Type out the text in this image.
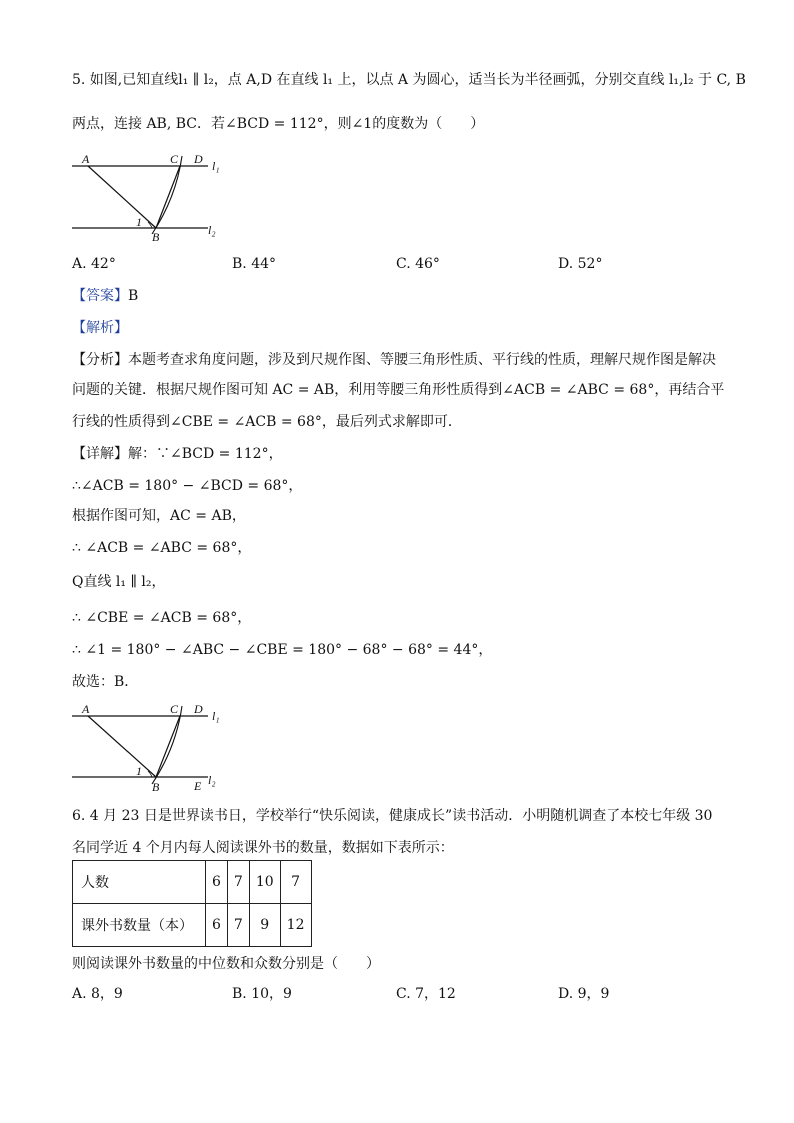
5. 如图,已知直线l₁ ∥ l₂，点 A,D 在直线 l₁ 上，以点 A 为圆心，适当长为半径画弧，分别交直线 l₁,l₂ 于 C, B
两点，连接 AB, BC．若∠BCD = 112°，则∠1的度数为（　　）
A	C D l₁
1
B	l₂
A. 42°	B. 44°	C. 46°	D. 52°
【答案】B
【解析】
【分析】本题考查求角度问题，涉及到尺规作图、等腰三角形性质、平行线的性质，理解尺规作图是解决
问题的关键．根据尺规作图可知 AC = AB，利用等腰三角形性质得到∠ACB = ∠ABC = 68°，再结合平
行线的性质得到∠CBE = ∠ACB = 68°，最后列式求解即可．
【详解】解：∵∠BCD = 112°，
∴∠ACB = 180° − ∠BCD = 68°，
根据作图可知，AC = AB，
∴ ∠ACB = ∠ABC = 68°，
Q直线 l₁ ∥ l₂，
∴ ∠CBE = ∠ACB = 68°，
∴ ∠1 = 180° − ∠ABC − ∠CBE = 180° − 68° − 68° = 44°，
故选：B．
A	C D l₁
1
B	E l₂
6. 4 月 23 日是世界读书日，学校举行“快乐阅读，健康成长”读书活动．小明随机调查了本校七年级 30
名同学近 4 个月内每人阅读课外书的数量，数据如下表所示：
人数	6	7	10	7
课外书数量（本）	6	7	9	12
则阅读课外书数量的中位数和众数分别是（　　）
A. 8，9	B. 10，9	C. 7，12	D. 9，9
